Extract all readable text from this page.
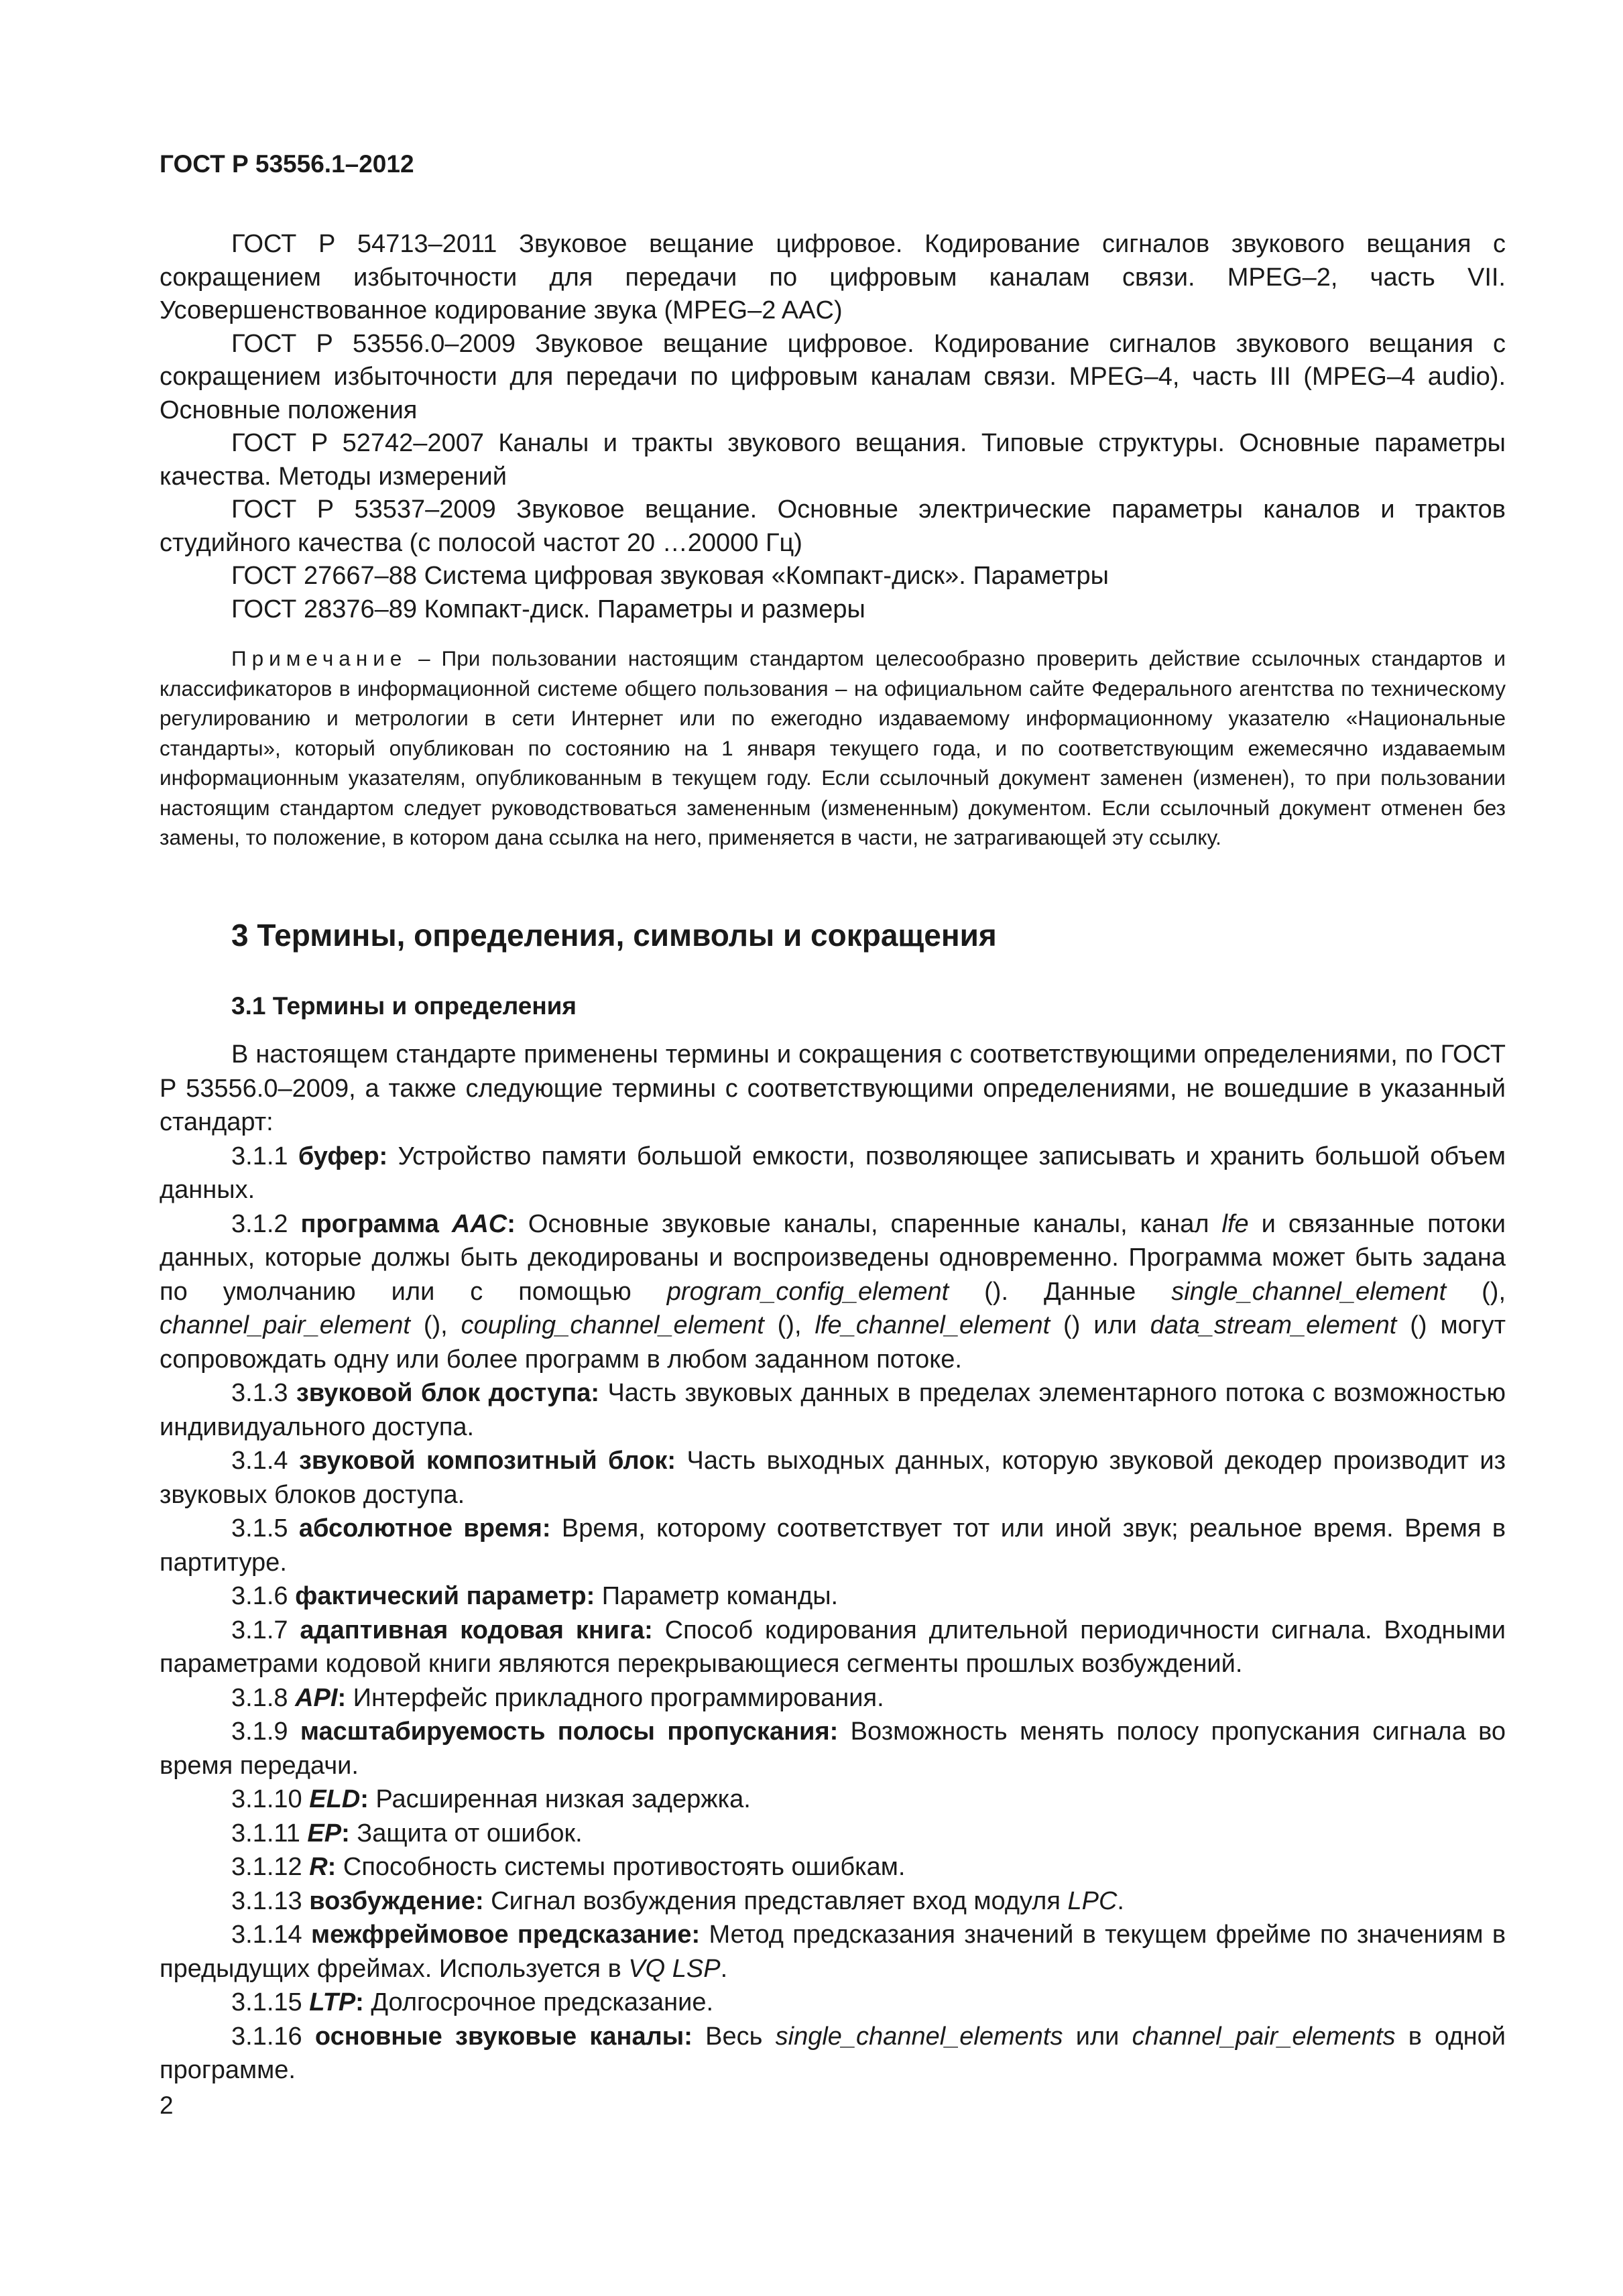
ГОСТ Р 53556.1–2012

ГОСТ Р 54713–2011 Звуковое вещание цифровое. Кодирование сигналов звукового вещания с сокращением избыточности для передачи по цифровым каналам связи. MPEG–2, часть VII. Усовершенствованное кодирование звука (MPEG–2 AAC)

ГОСТ Р 53556.0–2009 Звуковое вещание цифровое. Кодирование сигналов звукового вещания с сокращением избыточности для передачи по цифровым каналам связи. MPEG–4, часть III (MPEG–4 audio). Основные положения

ГОСТ Р 52742–2007 Каналы и тракты звукового вещания. Типовые структуры. Основные параметры качества. Методы измерений

ГОСТ Р 53537–2009 Звуковое вещание. Основные электрические параметры каналов и трактов студийного качества (с полосой частот 20 …20000 Гц)

ГОСТ 27667–88 Система цифровая звуковая «Компакт-диск». Параметры

ГОСТ 28376–89 Компакт-диск. Параметры и размеры

Примечание – При пользовании настоящим стандартом целесообразно проверить действие ссылочных стандартов и классификаторов в информационной системе общего пользования – на официальном сайте Федерального агентства по техническому регулированию и метрологии в сети Интернет или по ежегодно издаваемому информационному указателю «Национальные стандарты», который опубликован по состоянию на 1 января текущего года, и по соответствующим ежемесячно издаваемым информационным указателям, опубликованным в текущем году. Если ссылочный документ заменен (изменен), то при пользовании настоящим стандартом следует руководствоваться замененным (измененным) документом. Если ссылочный документ отменен без замены, то положение, в котором дана ссылка на него, применяется в части, не затрагивающей эту ссылку.

3 Термины, определения, символы и сокращения
3.1 Термины и определения

В настоящем стандарте применены термины и сокращения с соответствующими определениями, по ГОСТ Р 53556.0–2009, а также следующие термины с соответствующими определениями, не вошедшие в указанный стандарт:

3.1.1 буфер: Устройство памяти большой емкости, позволяющее записывать и хранить большой объем данных.

3.1.2 программа AAC: Основные звуковые каналы, спаренные каналы, канал lfe и связанные потоки данных, которые должы быть декодированы и воспроизведены одновременно. Программа может быть задана по умолчанию или с помощью program_config_element (). Данные single_channel_element (), channel_pair_element (), coupling_channel_element (), lfe_channel_element () или data_stream_element () могут сопровождать одну или более программ в любом заданном потоке.

3.1.3 звуковой блок доступа: Часть звуковых данных в пределах элементарного потока с возможностью индивидуального доступа.

3.1.4 звуковой композитный блок: Часть выходных данных, которую звуковой декодер производит из звуковых блоков доступа.

3.1.5 абсолютное время: Время, которому соответствует тот или иной звук; реальное время. Время в партитуре.

3.1.6 фактический параметр: Параметр команды.

3.1.7 адаптивная кодовая книга: Способ кодирования длительной периодичности сигнала. Входными параметрами кодовой книги являются перекрывающиеся сегменты прошлых возбуждений.

3.1.8 API: Интерфейс прикладного программирования.

3.1.9 масштабируемость полосы пропускания: Возможность менять полосу пропускания сигнала во время передачи.

3.1.10 ELD: Расширенная низкая задержка.

3.1.11 EP: Защита от ошибок.

3.1.12 R: Способность системы противостоять ошибкам.

3.1.13 возбуждение: Сигнал возбуждения представляет вход модуля LPC.

3.1.14 межфреймовое предсказание: Метод предсказания значений в текущем фрейме по значениям в предыдущих фреймах. Используется в VQ LSP.

3.1.15 LTP: Долгосрочное предсказание.

3.1.16 основные звуковые каналы: Весь single_channel_elements или channel_pair_elements в одной программе.

2
